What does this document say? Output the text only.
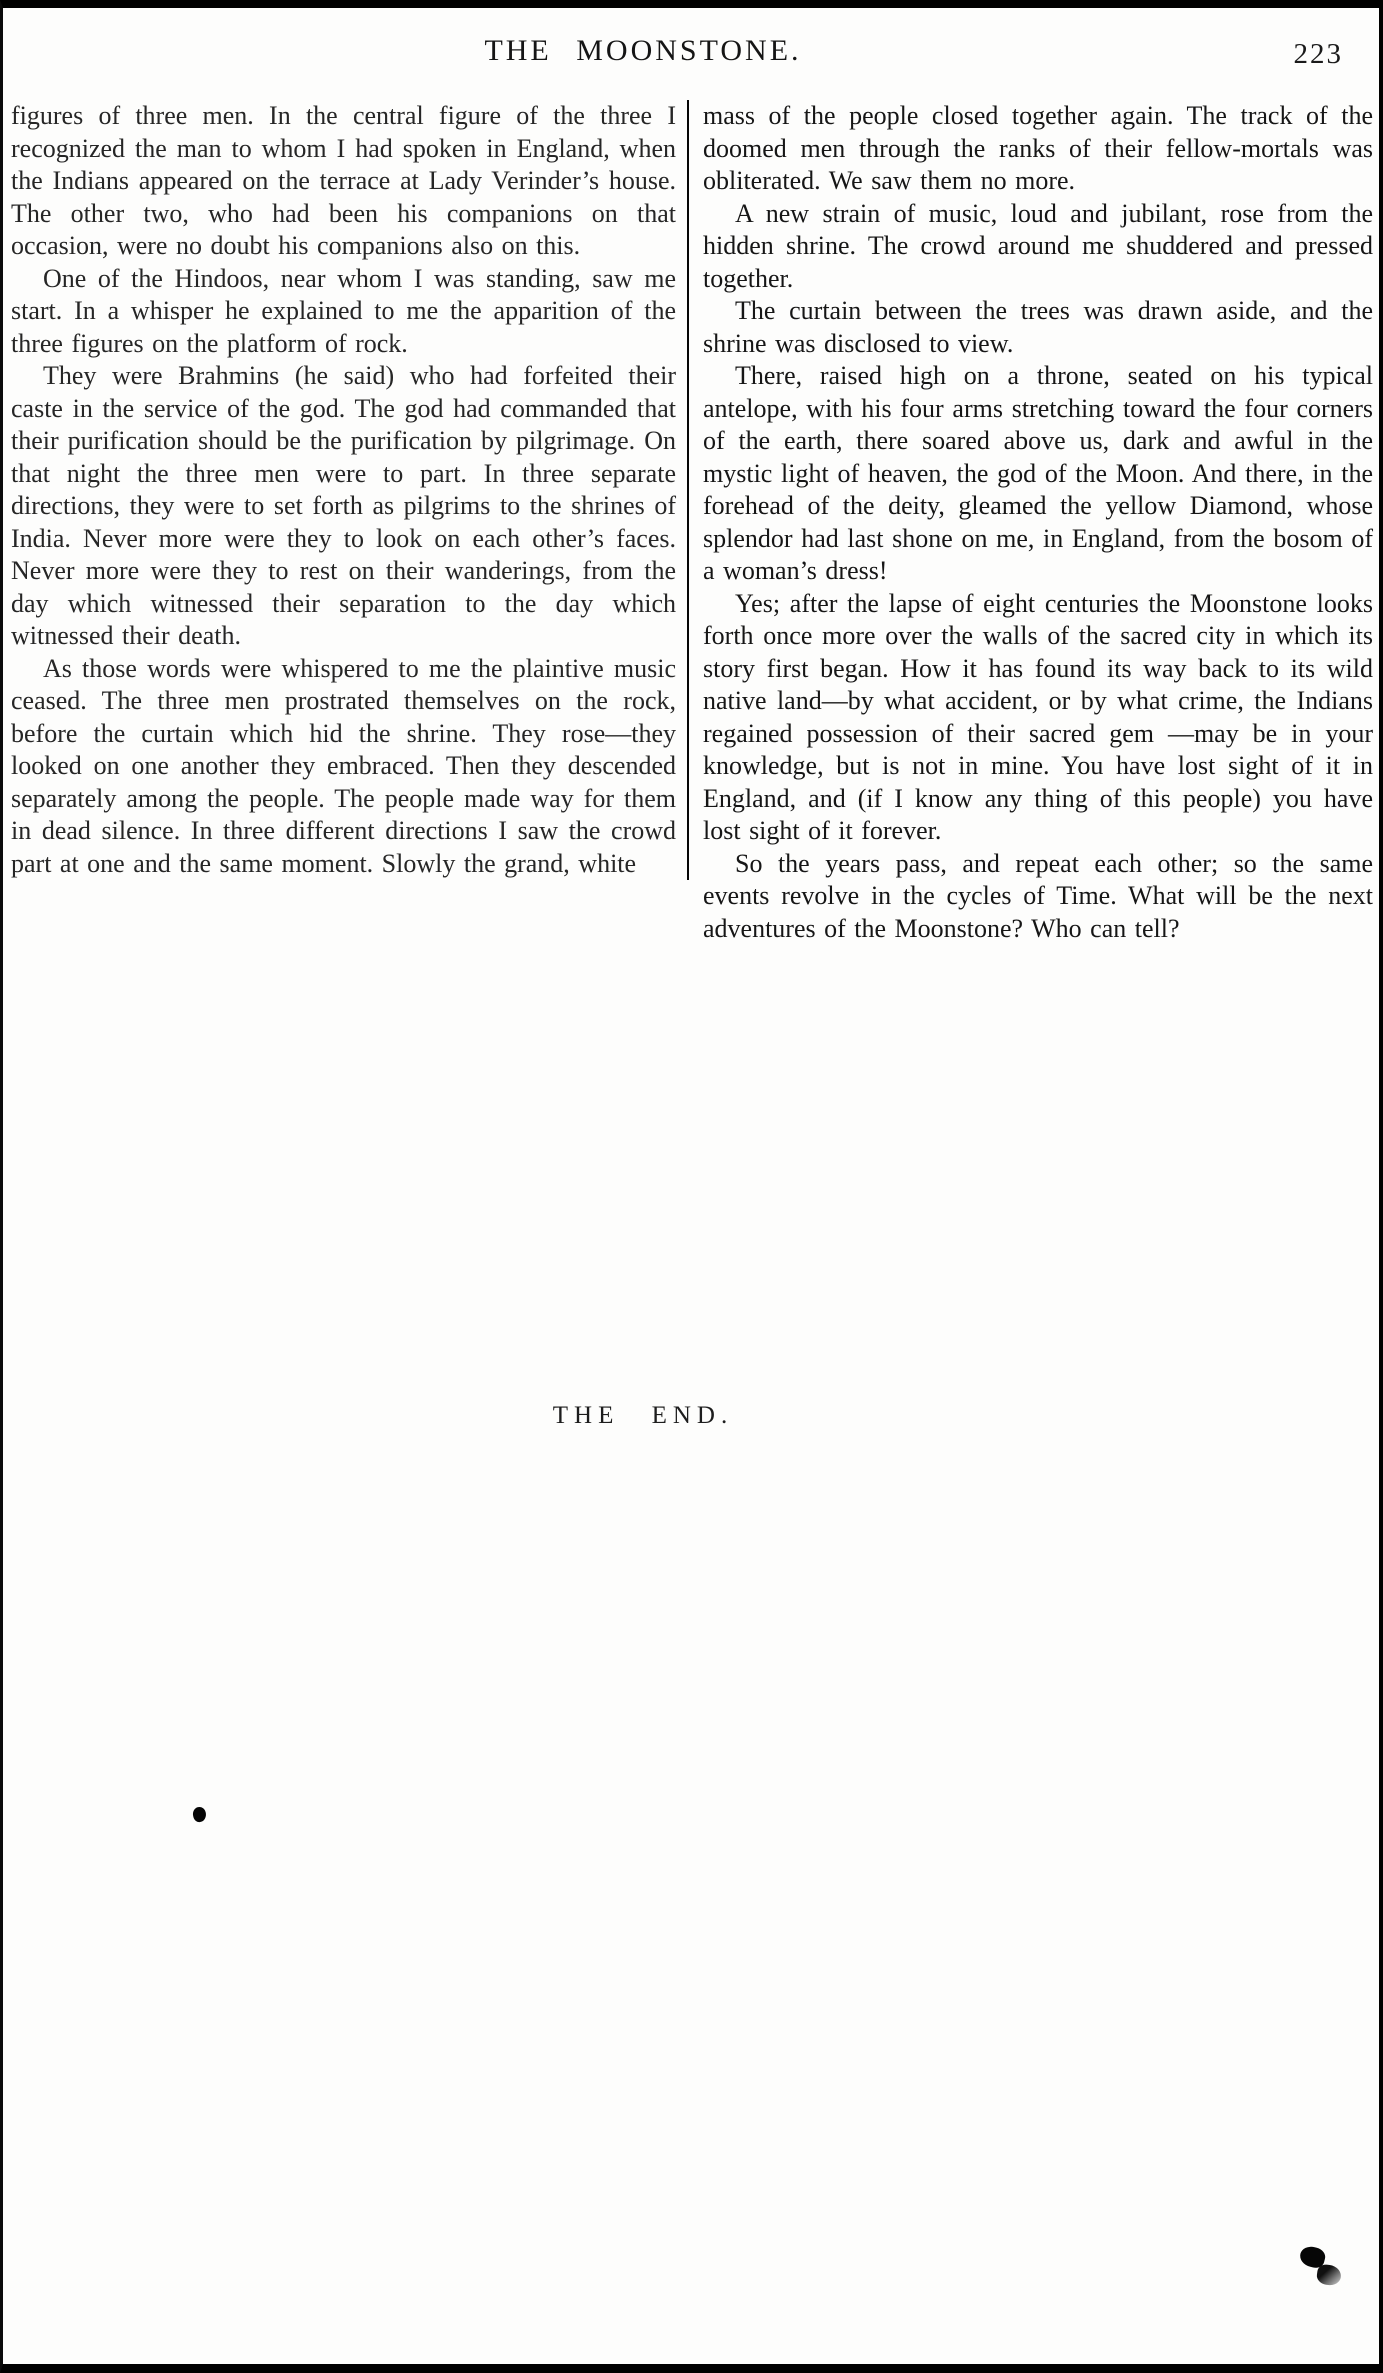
THE MOONSTONE.	223

figures of three men. In the central figure of the three I recognized the man to whom I had spoken in England, when the Indians appeared on the terrace at Lady Verinder’s house. The other two, who had been his companions on that occasion, were no doubt his companions also on this.

One of the Hindoos, near whom I was standing, saw me start. In a whisper he explained to me the apparition of the three figures on the platform of rock.

They were Brahmins (he said) who had forfeited their caste in the service of the god. The god had commanded that their purification should be the purification by pilgrimage. On that night the three men were to part. In three separate directions, they were to set forth as pilgrims to the shrines of India. Never more were they to look on each other’s faces. Never more were they to rest on their wanderings, from the day which witnessed their separation to the day which witnessed their death.

As those words were whispered to me the plaintive music ceased. The three men prostrated themselves on the rock, before the curtain which hid the shrine. They rose—they looked on one another they embraced. Then they descended separately among the people. The people made way for them in dead silence. In three different directions I saw the crowd part at one and the same moment. Slowly the grand, white

mass of the people closed together again. The track of the doomed men through the ranks of their fellow-mortals was obliterated. We saw them no more.

A new strain of music, loud and jubilant, rose from the hidden shrine. The crowd around me shuddered and pressed together.

The curtain between the trees was drawn aside, and the shrine was disclosed to view.

There, raised high on a throne, seated on his typical antelope, with his four arms stretching toward the four corners of the earth, there soared above us, dark and awful in the mystic light of heaven, the god of the Moon. And there, in the forehead of the deity, gleamed the yellow Diamond, whose splendor had last shone on me, in England, from the bosom of a woman’s dress!

Yes; after the lapse of eight centuries the Moonstone looks forth once more over the walls of the sacred city in which its story first began. How it has found its way back to its wild native land—by what accident, or by what crime, the Indians regained possession of their sacred gem —may be in your knowledge, but is not in mine. You have lost sight of it in England, and (if I know any thing of this people) you have lost sight of it forever.

So the years pass, and repeat each other; so the same events revolve in the cycles of Time. What will be the next adventures of the Moonstone? Who can tell?

THE END.
